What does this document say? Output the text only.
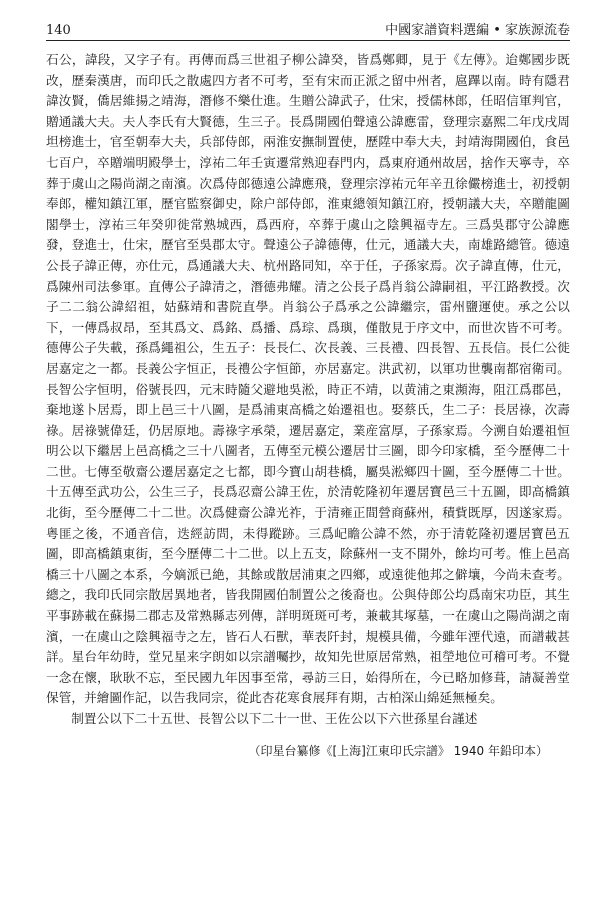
140	中國家譜資料選編 • 家族源流卷

石公，諱段，又字子有。再傳而爲三世祖子柳公諱癸，皆爲鄭卿，見于《左傳》。迨鄭國步既改，歷秦漢唐，而印氏之散處四方者不可考，至有宋而正派之留中州者，扈蹕以南。時有隱君諱汝賢，僑居維揚之靖海，潛修不樂仕進。生贈公諱武子，仕宋，授儒林郎，任昭信軍判官，贈通議大夫。夫人李氏有大賢德，生三子。長爲開國伯聲遠公諱應雷，登理宗嘉熙二年戊戌周坦榜進士，官至朝奉大夫，兵部侍郎，兩淮安撫制置使，歷陞中奉大夫，封靖海開國伯，食邑七百户，卒贈端明殿學士，淳祐二年壬寅遷常熟迎春門内，爲東府通州故居，捨作天寧寺，卒葬于虞山之陽尚湖之南濱。次爲侍郎德遠公諱應飛，登理宗淳祐元年辛丑徐儼榜進士，初授朝奉郎，權知鎮江軍，歷官監察御史，除户部侍郎，淮東總領知鎮江府，授朝議大夫，卒贈龍圖閣學士，淳祐三年癸卯徙常熟城西，爲西府，卒葬于虞山之陰興福寺左。三爲吳郡守公諱應發，登進士，仕宋，歷官至吳郡太守。聲遠公子諱德傳，仕元，通議大夫，南雄路總管。德遠公長子諱正傳，亦仕元，爲通議大夫、杭州路同知，卒于任，子孫家焉。次子諱直傳，仕元，爲陳州司法參軍。直傳公子諱清之，潛德弗耀。清之公長子爲肖翁公諱嗣祖，平江路教授。次子二二翁公諱紹祖，姑蘇靖和書院直學。肖翁公子爲承之公諱繼宗，雷州鹽運使。承之公以下，一傳爲叔昂，至其爲文、爲銘、爲播、爲琮、爲璵，僅散見于序文中，而世次皆不可考。德傳公子失載，孫爲繩祖公，生五子：長長仁、次長義、三長禮、四長智、五長信。長仁公徙居嘉定之一都。長義公字恒正，長禮公字恒節，亦居嘉定。洪武初，以軍功世襲南都宿衛司。長智公字恒明，俗號長四，元末時隨父避地吳淞，時正不靖，以黄浦之東瀕海，阻江爲郡邑，棄地遂卜居焉，即上邑三十八圖，是爲浦東高橋之始遷祖也。娶蔡氏，生二子：長居祿，次壽祿。居祿號偉廷，仍居原地。壽祿字承榮，遷居嘉定，業産富厚，子孫家焉。今溯自始遷祖恒明公以下繼居上邑高橋之三十八圖者，五傳至元模公遷居廿三圖，即今印家橋，至今歷傳二十二世。七傳至敬齋公遷居嘉定之七都，即今寶山胡巷橋，屬吳淞鄉四十圖，至今歷傳二十世。十五傳至武功公，公生三子，長爲忍齋公諱王佐，於清乾隆初年遷居寶邑三十五圖，即高橋鎮北街，至今歷傳二十二世。次爲健齋公諱光祚，于清雍正間營商蘇州，積貲既厚，因遂家焉。粤匪之後，不通音信，迭經訪問，未得蹤跡。三爲屺瞻公諱不然，亦于清乾隆初遷居寶邑五圖，即高橋鎮東街，至今歷傳二十二世。以上五支，除蘇州一支不開外，餘均可考。惟上邑高橋三十八圖之本系，今嫡派已絶，其餘或散居浦東之四鄉，或遠徙他邦之僻壤，今尚未查考。總之，我印氏同宗散居異地者，皆我開國伯制置公之後裔也。公與侍郎公均爲南宋功臣，其生平事跡載在蘇揚二郡志及常熟縣志列傳，詳明斑斑可考，兼載其塚墓，一在虞山之陽尚湖之南濱，一在虞山之陰興福寺之左，皆石人石獸，華表阡封，規模具備，今雖年湮代遠，而譜載甚詳。星台年幼時，堂兄星来字朗如以宗譜囑抄，故知先世原居常熟，祖塋地位可稽可考。不覺一念在懷，耿耿不忘，至民國九年因事至常，尋訪三日，始得所在，今已略加修葺，請凝善堂保管，并繪圖作記，以告我同宗，從此杏花寒食展拜有期，古柏深山綿延無極矣。

制置公以下二十五世、長智公以下二十一世、王佐公以下六世孫星台謹述

（印星台纂修《[上海]江東印氏宗譜》 1940 年鉛印本）
